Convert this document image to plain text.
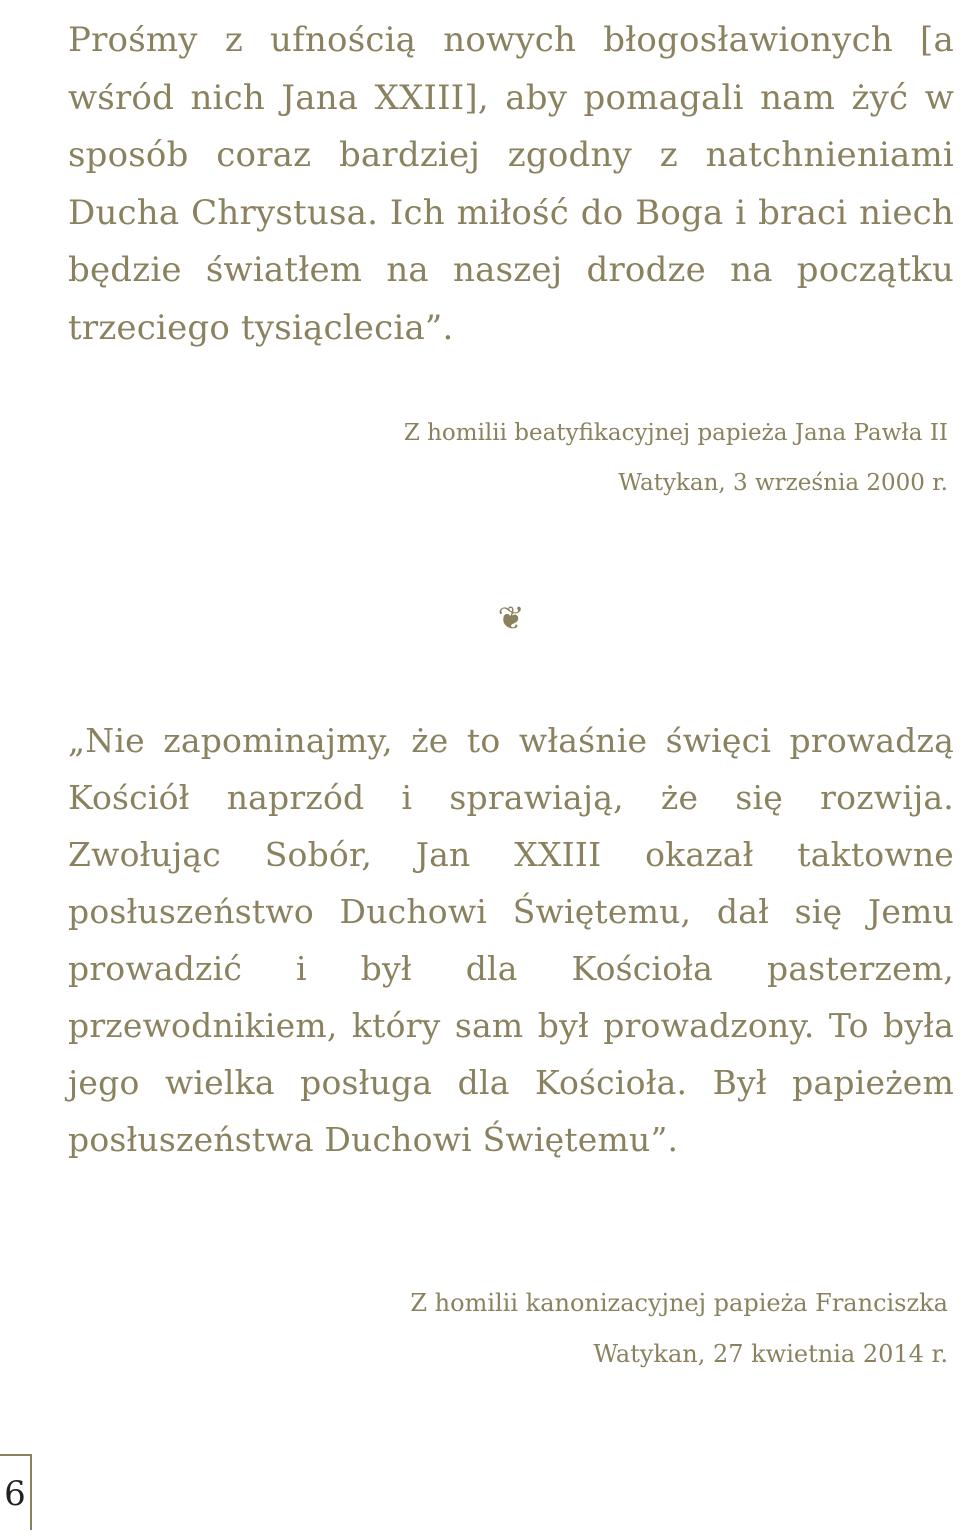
Prośmy z ufnością nowych błogosławionych [a wśród nich Jana XXIII], aby pomagali nam żyć w sposób coraz bardziej zgodny z natchnieniami Ducha Chrystusa. Ich miłość do Boga i braci niech będzie światłem na naszej drodze na początku trzeciego tysiąclecia”.

Z homilii beatyfikacyjnej papieża Jana Pawła II
Watykan, 3 września 2000 r.

❦

„Nie zapominajmy, że to właśnie święci prowadzą Kościół naprzód i sprawiają, że się rozwija. Zwołując Sobór, Jan XXIII okazał taktowne posłuszeństwo Duchowi Świętemu, dał się Jemu prowadzić i był dla Kościoła pasterzem, przewodnikiem, który sam był prowadzony. To była jego wielka posługa dla Kościoła. Był papieżem posłuszeństwa Duchowi Świętemu”.

Z homilii kanonizacyjnej papieża Franciszka
Watykan, 27 kwietnia 2014 r.

6
